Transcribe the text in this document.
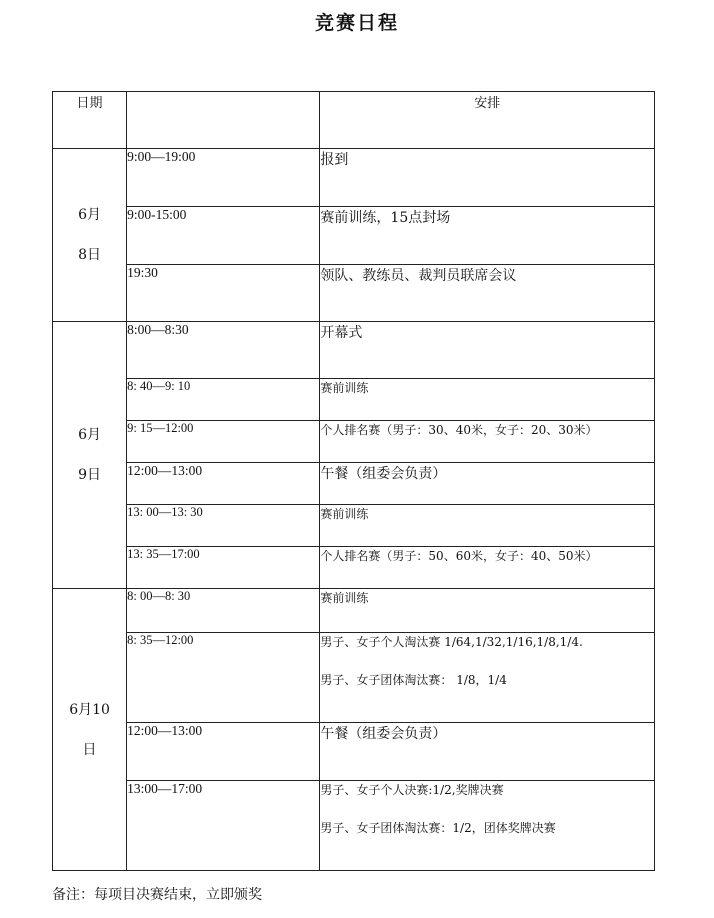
竞赛日程
日期		安排

6月
8日	9:00—19:00	报到
	9:00-15:00	赛前训练，15点封场
	19:30	领队、教练员、裁判员联席会议

6月
9日	8:00—8:30	开幕式
	8: 40—9: 10	赛前训练
	9: 15—12:00	个人排名赛（男子：30、40米，女子：20、30米）
	12:00—13:00	午餐（组委会负责）
	13: 00—13: 30	赛前训练
	13: 35—17:00	个人排名赛（男子：50、60米，女子：40、50米）

6月10
日	8: 00—8: 30	赛前训练
	8: 35—12:00	男子、女子个人淘汰赛 1/64,1/32,1/16,1/8,1/4.
男子、女子团体淘汰赛： 1/8，1/4

	12:00—13:00	午餐（组委会负责）
	13:00—17:00	男子、女子个人决赛:1/2,奖牌决赛
男子、女子团体淘汰赛：1/2，团体奖牌决赛
备注：每项目决赛结束，立即颁奖
